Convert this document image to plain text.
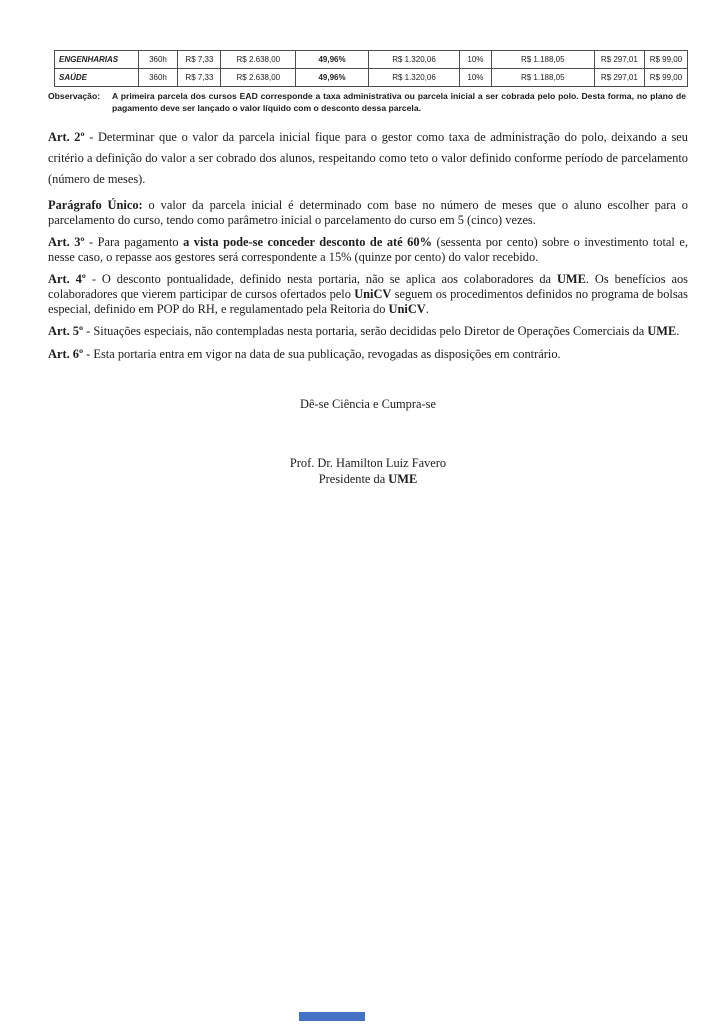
ENGENHARIAS	360h	R$ 7,33	R$ 2.638,00	49,96%	R$ 1.320,06	10%	R$ 1.188,05	R$ 297,01	R$ 99,00
SAÚDE	360h	R$ 7,33	R$ 2.638,00	49,96%	R$ 1.320,06	10%	R$ 1.188,05	R$ 297,01	R$ 99,00
Observação:	A primeira parcela dos cursos EAD corresponde a taxa administrativa ou parcela inicial a ser cobrada pelo polo. Desta forma, no plano de pagamento deve ser lançado o valor líquido com o desconto dessa parcela.

Art. 2º - Determinar que o valor da parcela inicial fique para o gestor como taxa de administração do polo, deixando a seu critério a definição do valor a ser cobrado dos alunos, respeitando como teto o valor definido conforme período de parcelamento (número de meses).

Parágrafo Único: o valor da parcela inicial é determinado com base no número de meses que o aluno escolher para o parcelamento do curso, tendo como parâmetro inicial o parcelamento do curso em 5 (cinco) vezes.

Art. 3º - Para pagamento a vista pode-se conceder desconto de até 60% (sessenta por cento) sobre o investimento total e, nesse caso, o repasse aos gestores será correspondente a 15% (quinze por cento) do valor recebido.

Art. 4º - O desconto pontualidade, definido nesta portaria, não se aplica aos colaboradores da UME. Os benefícios aos colaboradores que vierem participar de cursos ofertados pelo UniCV seguem os procedimentos definidos no programa de bolsas especial, definido em POP do RH, e regulamentado pela Reitoria do UniCV.

Art. 5º - Situações especiais, não contempladas nesta portaria, serão decididas pelo Diretor de Operações Comerciais da UME.

Art. 6º - Esta portaria entra em vigor na data de sua publicação, revogadas as disposições em contrário.

Dê-se Ciência e Cumpra-se
Prof. Dr. Hamilton Luiz Favero
Presidente da UME
